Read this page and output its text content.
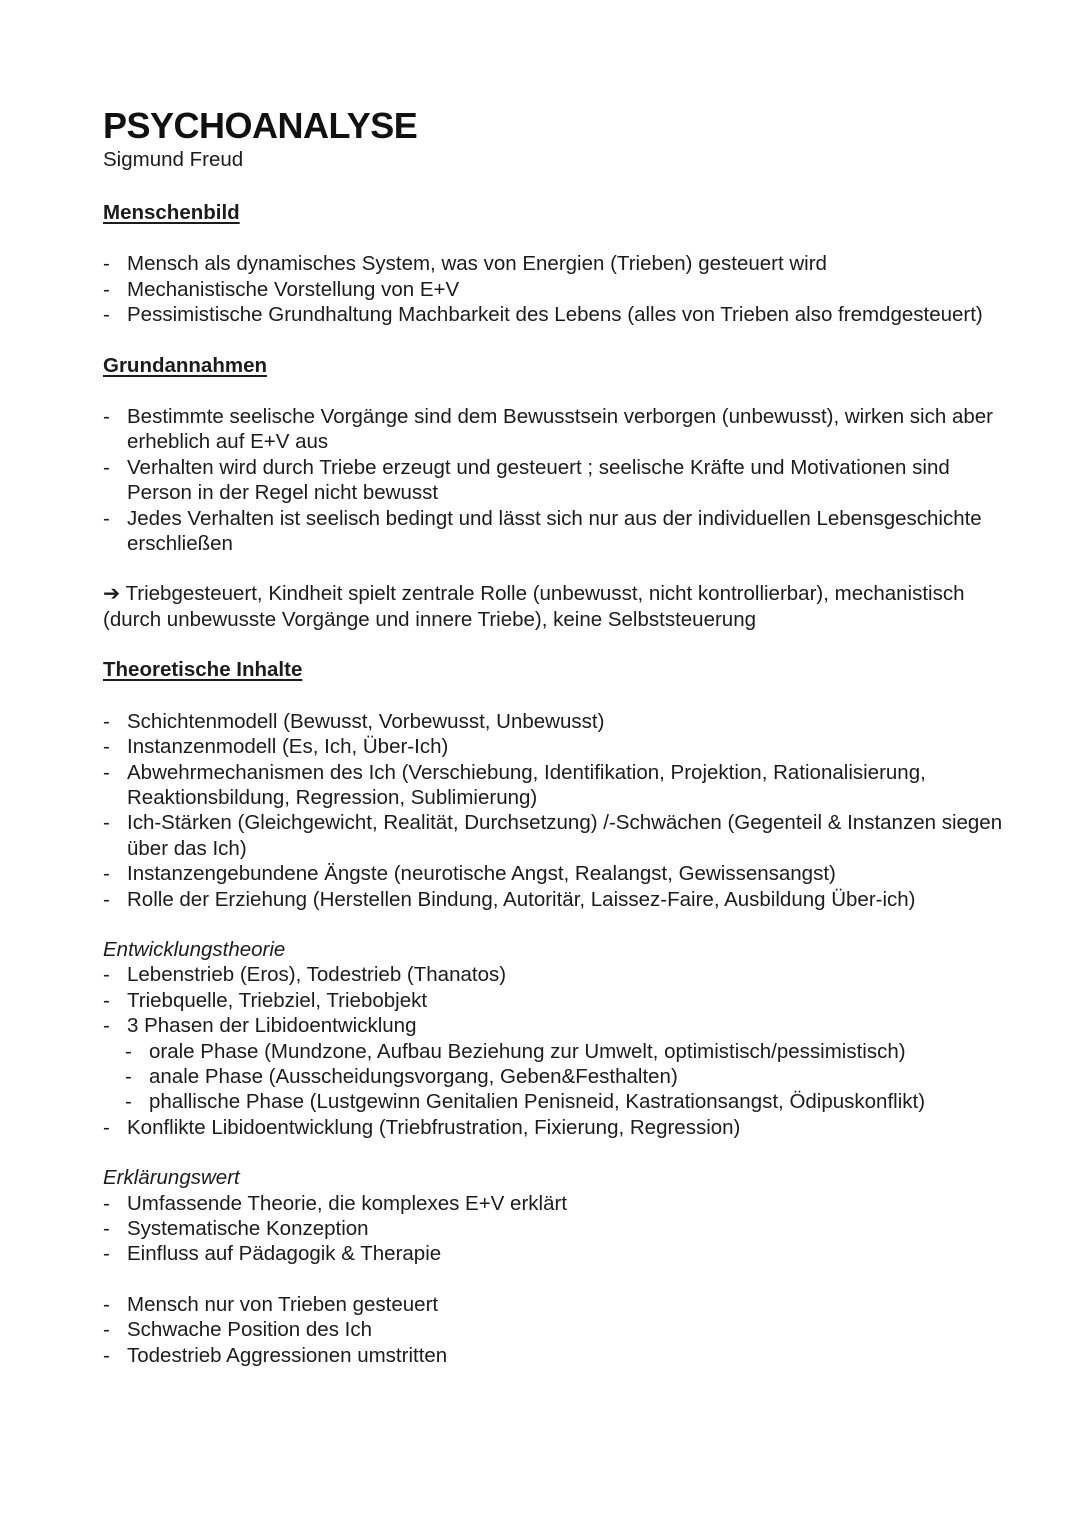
PSYCHOANALYSE

Sigmund Freud

Menschenbild

- Mensch als dynamisches System, was von Energien (Trieben) gesteuert wird
- Mechanistische Vorstellung von E+V
- Pessimistische Grundhaltung Machbarkeit des Lebens (alles von Trieben also fremdgesteuert)

Grundannahmen

- Bestimmte seelische Vorgänge sind dem Bewusstsein verborgen (unbewusst), wirken sich aber erheblich auf E+V aus
- Verhalten wird durch Triebe erzeugt und gesteuert ; seelische Kräfte und Motivationen sind Person in der Regel nicht bewusst
- Jedes Verhalten ist seelisch bedingt und lässt sich nur aus der individuellen Lebensgeschichte erschließen

➔ Triebgesteuert, Kindheit spielt zentrale Rolle (unbewusst, nicht kontrollierbar), mechanistisch (durch unbewusste Vorgänge und innere Triebe), keine Selbststeuerung

Theoretische Inhalte

- Schichtenmodell (Bewusst, Vorbewusst, Unbewusst)
- Instanzenmodell (Es, Ich, Über-Ich)
- Abwehrmechanismen des Ich (Verschiebung, Identifikation, Projektion, Rationalisierung, Reaktionsbildung, Regression, Sublimierung)
- Ich-Stärken (Gleichgewicht, Realität, Durchsetzung) /-Schwächen (Gegenteil & Instanzen siegen über das Ich)
- Instanzengebundene Ängste (neurotische Angst, Realangst, Gewissensangst)
- Rolle der Erziehung (Herstellen Bindung, Autoritär, Laissez-Faire, Ausbildung Über-ich)

Entwicklungstheorie

- Lebenstrieb (Eros), Todestrieb (Thanatos)
- Triebquelle, Triebziel, Triebobjekt
- 3 Phasen der Libidoentwicklung
- orale Phase (Mundzone, Aufbau Beziehung zur Umwelt, optimistisch/pessimistisch)
- anale Phase (Ausscheidungsvorgang, Geben&Festhalten)
- phallische Phase (Lustgewinn Genitalien Penisneid, Kastrationsangst, Ödipuskonflikt)
- Konflikte Libidoentwicklung (Triebfrustration, Fixierung, Regression)

Erklärungswert

- Umfassende Theorie, die komplexes E+V erklärt
- Systematische Konzeption
- Einfluss auf Pädagogik & Therapie
- Mensch nur von Trieben gesteuert
- Schwache Position des Ich
- Todestrieb Aggressionen umstritten
